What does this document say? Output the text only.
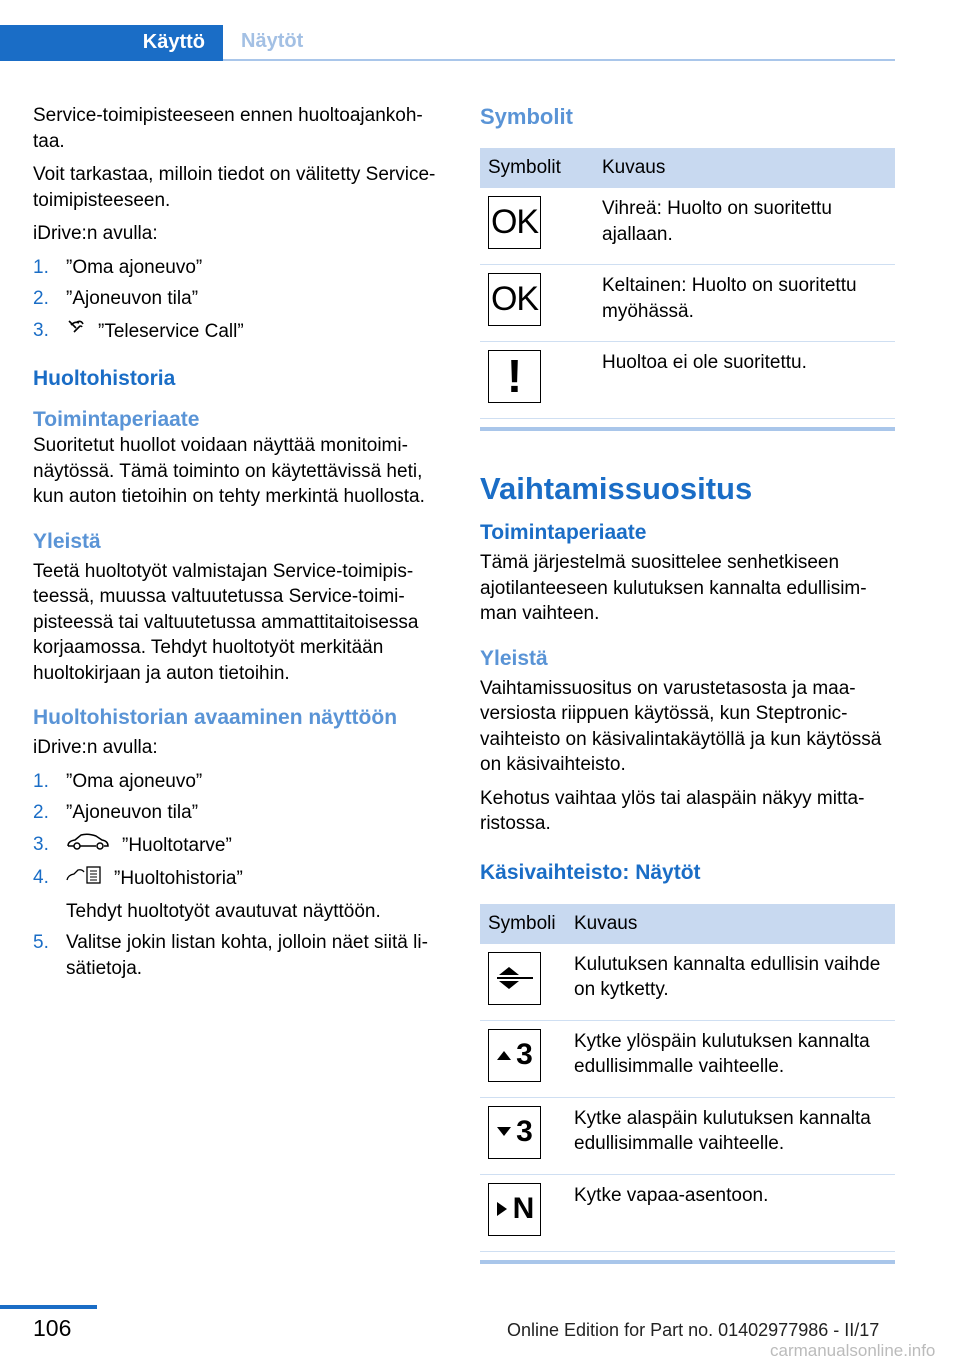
Käyttö	Näytöt

Service-toimipisteeseen ennen huoltoajankohtaa.

Voit tarkastaa, milloin tiedot on välitetty Service-toimipisteeseen.

iDrive:n avulla:

1. ”Oma ajoneuvo”
2. ”Ajoneuvon tila”
3.	”Teleservice Call”
Huoltohistoria
Toimintaperiaate

Suoritetut huollot voidaan näyttää monitoiminäytössä. Tämä toiminto on käytettävissä heti, kun auton tietoihin on tehty merkintä huollosta.

Yleistä

Teetä huoltotyöt valmistajan Service-toimipisteessä, muussa valtuutetussa Service-toimipisteessä tai valtuutetussa ammattitaitoisessa korjaamossa. Tehdyt huoltotyöt merkitään huoltokirjaan ja auton tietoihin.

Huoltohistorian avaaminen näyttöön

iDrive:n avulla:

1. ”Oma ajoneuvo”
2. ”Ajoneuvon tila”
3.	”Huoltotarve”
4.	”Huoltohistoria”
Tehdyt huoltotyöt avautuvat näyttöön.
5. Valitse jokin listan kohta, jolloin näet siitä lisätietoja.
Symbolit
Symbolit	Kuvaus

OK	Vihreä: Huolto on suoritettu ajallaan.

OK	Keltainen: Huolto on suoritettu myöhässä.

!	Huoltoa ei ole suoritettu.
Vaihtamissuositus
Toimintaperiaate

Tämä järjestelmä suosittelee senhetkiseen ajotilanteeseen kulutuksen kannalta edullisimman vaihteen.

Yleistä

Vaihtamissuositus on varustetasosta ja maaversiosta riippuen käytössä, kun Steptronic-vaihteisto on käsivalintakäytöllä ja kun käytössä on käsivaihteisto.

Kehotus vaihtaa ylös tai alaspäin näkyy mittaristossa.

Käsivaihteisto: Näytöt
Symboli	Kuvaus

	Kulutuksen kannalta edullisin vaihde on kytketty.

3	Kytke ylöspäin kulutuksen kannalta edullisimmalle vaihteelle.

3	Kytke alaspäin kulutuksen kannalta edullisimmalle vaihteelle.

N	Kytke vapaa-asentoon.
106	Online Edition for Part no. 01402977986 - II/17
carmanualsonline.info
